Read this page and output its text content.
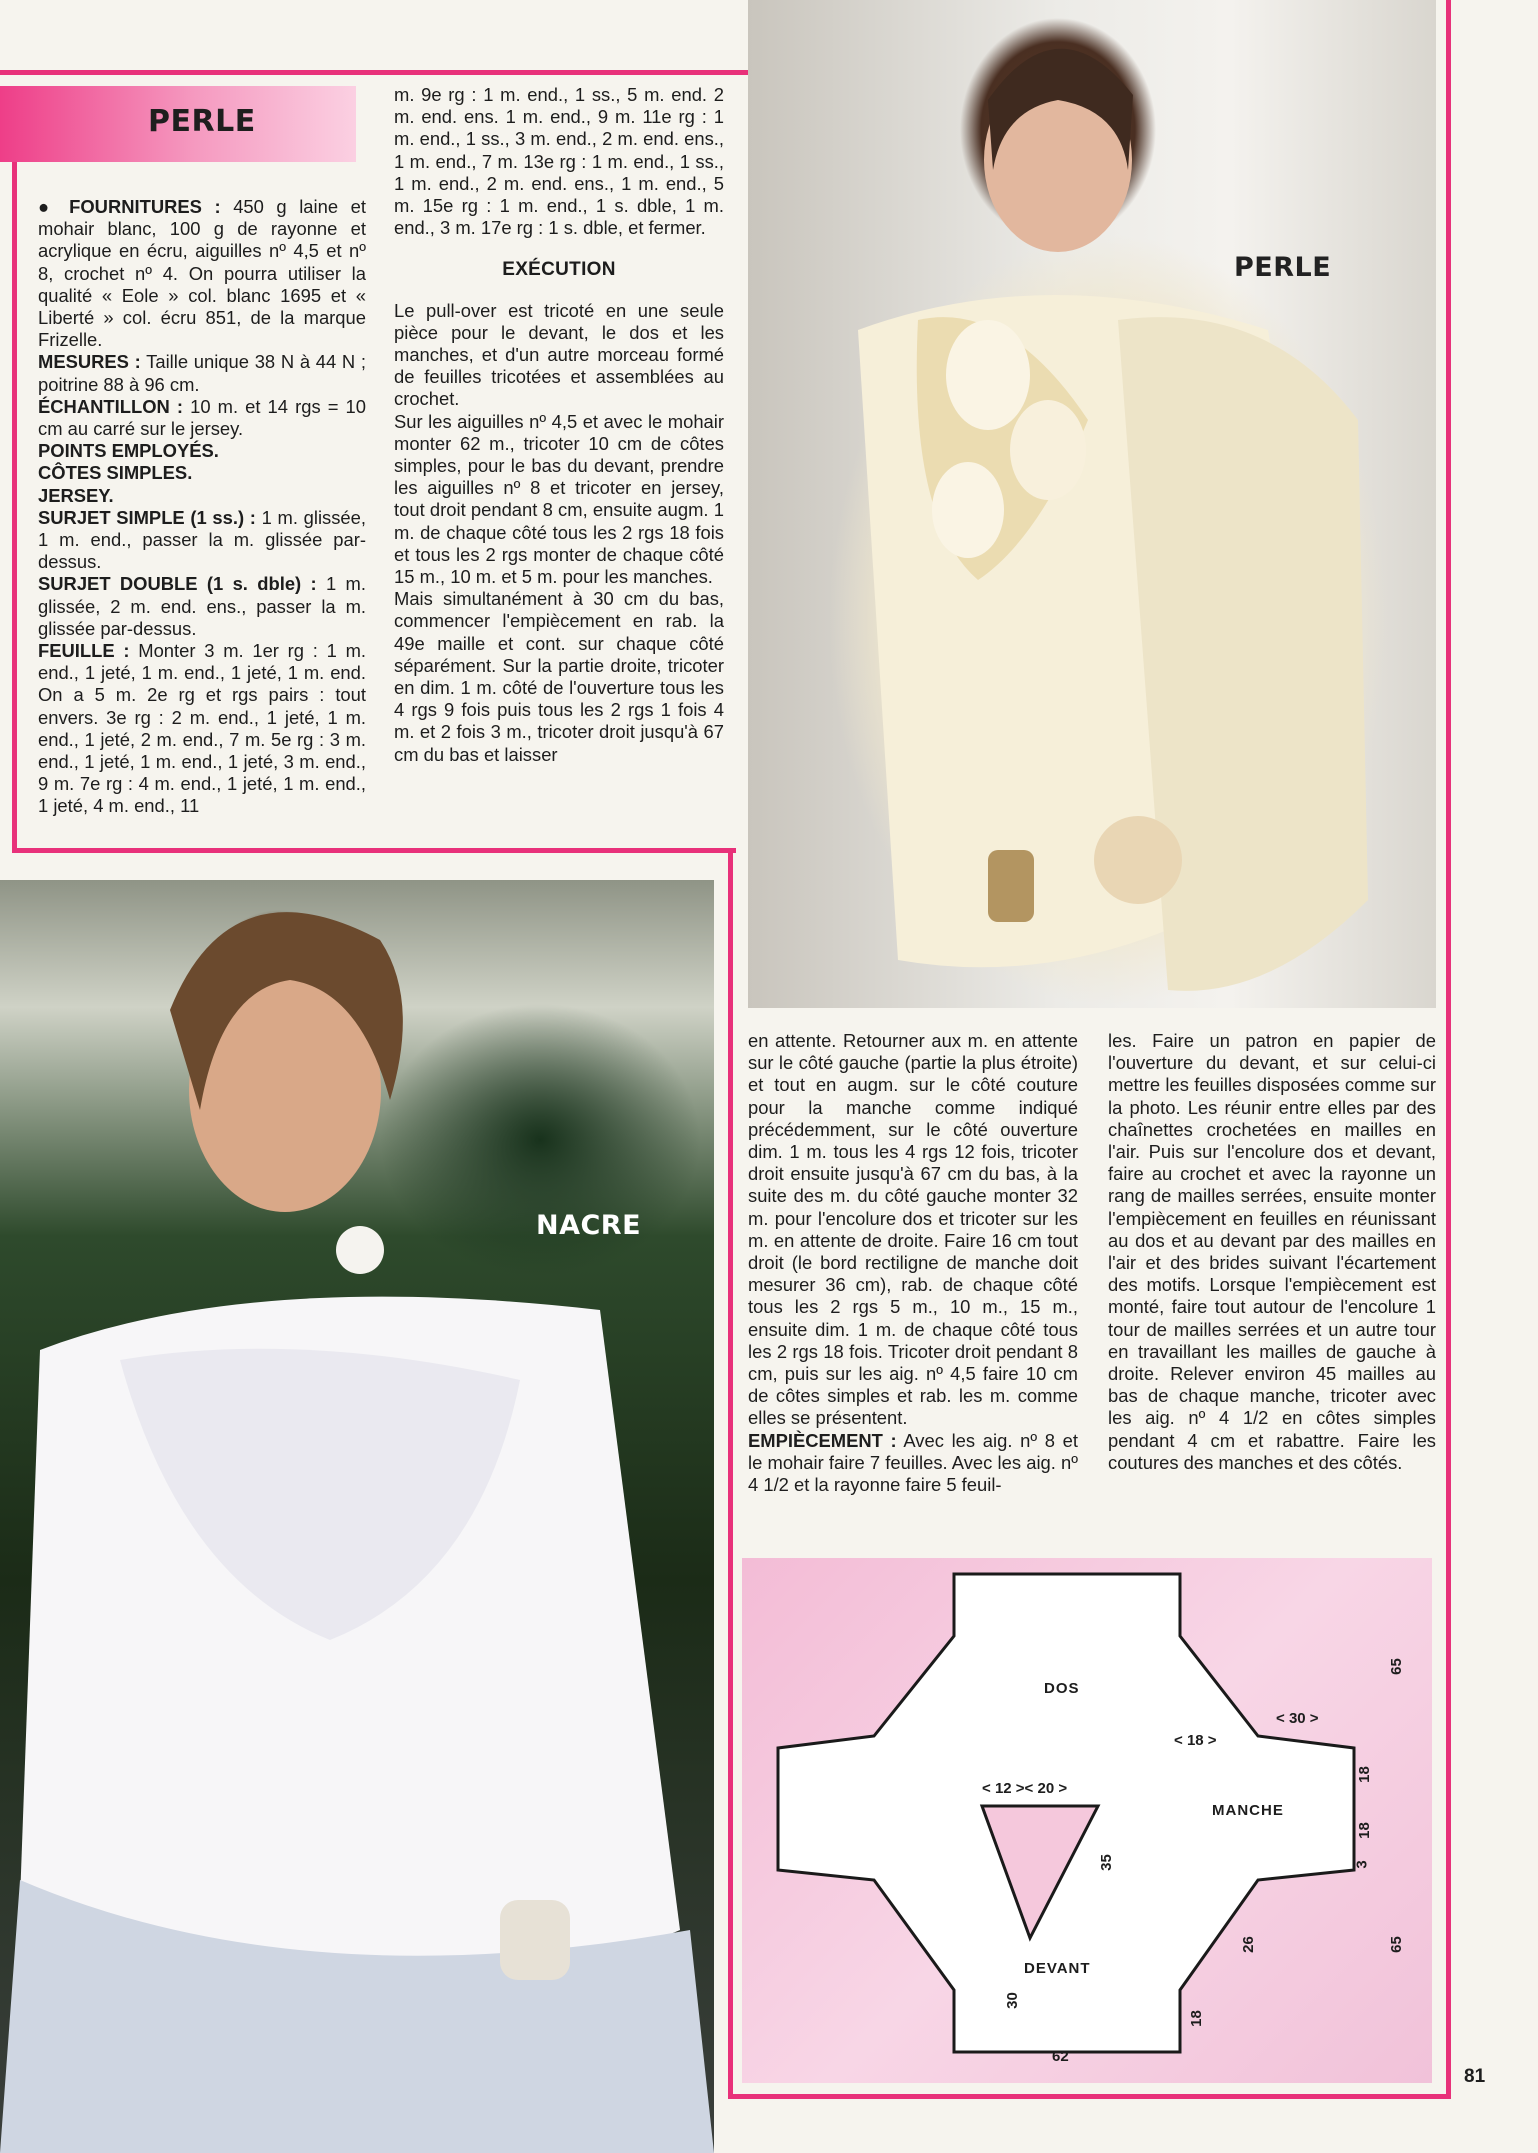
PERLE

● FOURNITURES : 450 g laine et mohair blanc, 100 g de rayonne et acrylique en écru, aiguilles nº 4,5 et nº 8, crochet nº 4. On pourra utiliser la qualité « Eole » col. blanc 1695 et « Liberté » col. écru 851, de la marque Frizelle.

MESURES : Taille unique 38 N à 44 N ; poitrine 88 à 96 cm.

ÉCHANTILLON : 10 m. et 14 rgs = 10 cm au carré sur le jersey.

POINTS EMPLOYÉS.

CÔTES SIMPLES.

JERSEY.

SURJET SIMPLE (1 ss.) : 1 m. glissée, 1 m. end., passer la m. glissée par-dessus.

SURJET DOUBLE (1 s. dble) : 1 m. glissée, 2 m. end. ens., passer la m. glissée par-dessus.

FEUILLE : Monter 3 m. 1er rg : 1 m. end., 1 jeté, 1 m. end., 1 jeté, 1 m. end. On a 5 m. 2e rg et rgs pairs : tout envers. 3e rg : 2 m. end., 1 jeté, 1 m. end., 1 jeté, 2 m. end., 7 m. 5e rg : 3 m. end., 1 jeté, 1 m. end., 1 jeté, 3 m. end., 9 m. 7e rg : 4 m. end., 1 jeté, 1 m. end., 1 jeté, 4 m. end., 11

m. 9e rg : 1 m. end., 1 ss., 5 m. end. 2 m. end. ens. 1 m. end., 9 m. 11e rg : 1 m. end., 1 ss., 3 m. end., 2 m. end. ens., 1 m. end., 7 m. 13e rg : 1 m. end., 1 ss., 1 m. end., 2 m. end. ens., 1 m. end., 5 m. 15e rg : 1 m. end., 1 s. dble, 1 m. end., 3 m. 17e rg : 1 s. dble, et fermer.

EXÉCUTION

Le pull-over est tricoté en une seule pièce pour le devant, le dos et les manches, et d'un autre morceau formé de feuilles tricotées et assemblées au crochet.

Sur les aiguilles nº 4,5 et avec le mohair monter 62 m., tricoter 10 cm de côtes simples, pour le bas du devant, prendre les aiguilles nº 8 et tricoter en jersey, tout droit pendant 8 cm, ensuite augm. 1 m. de chaque côté tous les 2 rgs 18 fois et tous les 2 rgs monter de chaque côté 15 m., 10 m. et 5 m. pour les manches.

Mais simultanément à 30 cm du bas, commencer l'empiècement en rab. la 49e maille et cont. sur chaque côté séparément. Sur la partie droite, tricoter en dim. 1 m. côté de l'ouverture tous les 4 rgs 9 fois puis tous les 2 rgs 1 fois 4 m. et 2 fois 3 m., tricoter droit jusqu'à 67 cm du bas et laisser

PERLE
NACRE

en attente. Retourner aux m. en attente sur le côté gauche (partie la plus étroite) et tout en augm. sur le côté couture pour la manche comme indiqué précédemment, sur le côté ouverture dim. 1 m. tous les 4 rgs 12 fois, tricoter droit ensuite jusqu'à 67 cm du bas, à la suite des m. du côté gauche monter 32 m. pour l'encolure dos et tricoter sur les m. en attente de droite. Faire 16 cm tout droit (le bord rectiligne de manche doit mesurer 36 cm), rab. de chaque côté tous les 2 rgs 5 m., 10 m., 15 m., ensuite dim. 1 m. de chaque côté tous les 2 rgs 18 fois. Tricoter droit pendant 8 cm, puis sur les aig. nº 4,5 faire 10 cm de côtes simples et rab. les m. comme elles se présentent.

EMPIÈCEMENT : Avec les aig. nº 8 et le mohair faire 7 feuilles. Avec les aig. nº 4 1/2 et la rayonne faire 5 feuil-

les. Faire un patron en papier de l'ouverture du devant, et sur celui-ci mettre les feuilles disposées comme sur la photo. Les réunir entre elles par des chaînettes crochetées en mailles en l'air. Puis sur l'encolure dos et devant, faire au crochet et avec la rayonne un rang de mailles serrées, ensuite monter l'empiècement en feuilles en réunissant au dos et au devant par des mailles en l'air et des brides suivant l'écartement des motifs. Lorsque l'empiècement est monté, faire tout autour de l'encolure 1 tour de mailles serrées et un autre tour en travaillant les mailles de gauche à droite. Relever environ 45 mailles au bas de chaque manche, tricoter avec les aig. nº 4 1/2 en côtes simples pendant 4 cm et rabattre. Faire les coutures des manches et des côtés.

DOS
MANCHE
DEVANT
< 30 >
65
< 18 >
< 12 >< 20 >
18
18
3
35
26	65
30
18
62
81
